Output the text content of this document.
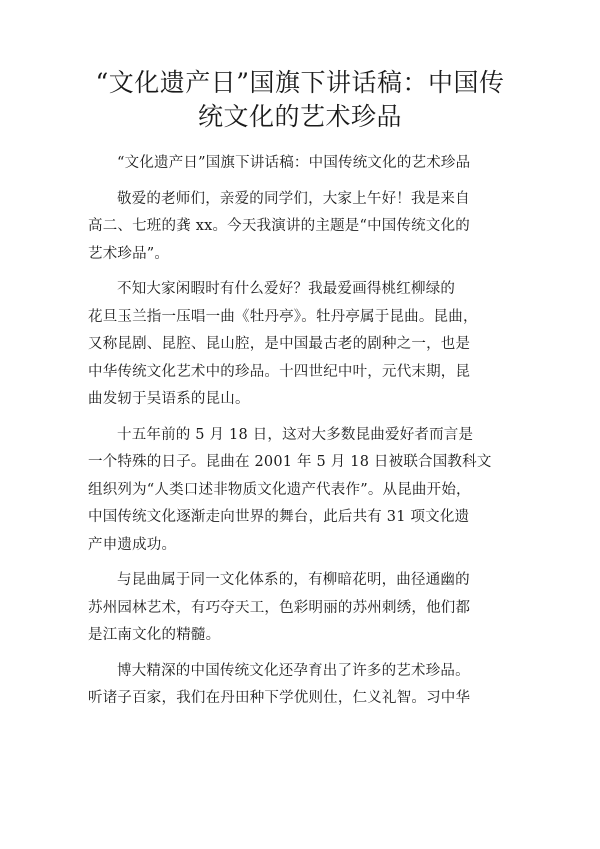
“文化遗产日”国旗下讲话稿：中国传
统文化的艺术珍品

“文化遗产日”国旗下讲话稿：中国传统文化的艺术珍品

敬爱的老师们，亲爱的同学们，大家上午好！我是来自
高二、七班的龚 xx。今天我演讲的主题是“中国传统文化的
艺术珍品”。

不知大家闲暇时有什么爱好？我最爱画得桃红柳绿的
花旦玉兰指一压唱一曲《牡丹亭》。牡丹亭属于昆曲。昆曲，
又称昆剧、昆腔、昆山腔，是中国最古老的剧种之一，也是
中华传统文化艺术中的珍品。十四世纪中叶，元代末期，昆
曲发轫于吴语系的昆山。

十五年前的 5 月 18 日，这对大多数昆曲爱好者而言是
一个特殊的日子。昆曲在 2001 年 5 月 18 日被联合国教科文
组织列为“人类口述非物质文化遗产代表作”。从昆曲开始，
中国传统文化逐渐走向世界的舞台，此后共有 31 项文化遗
产申遗成功。

与昆曲属于同一文化体系的，有柳暗花明，曲径通幽的
苏州园林艺术，有巧夺天工，色彩明丽的苏州刺绣，他们都
是江南文化的精髓。

博大精深的中国传统文化还孕育出了许多的艺术珍品。
听诸子百家，我们在丹田种下学优则仕，仁义礼智。习中华
